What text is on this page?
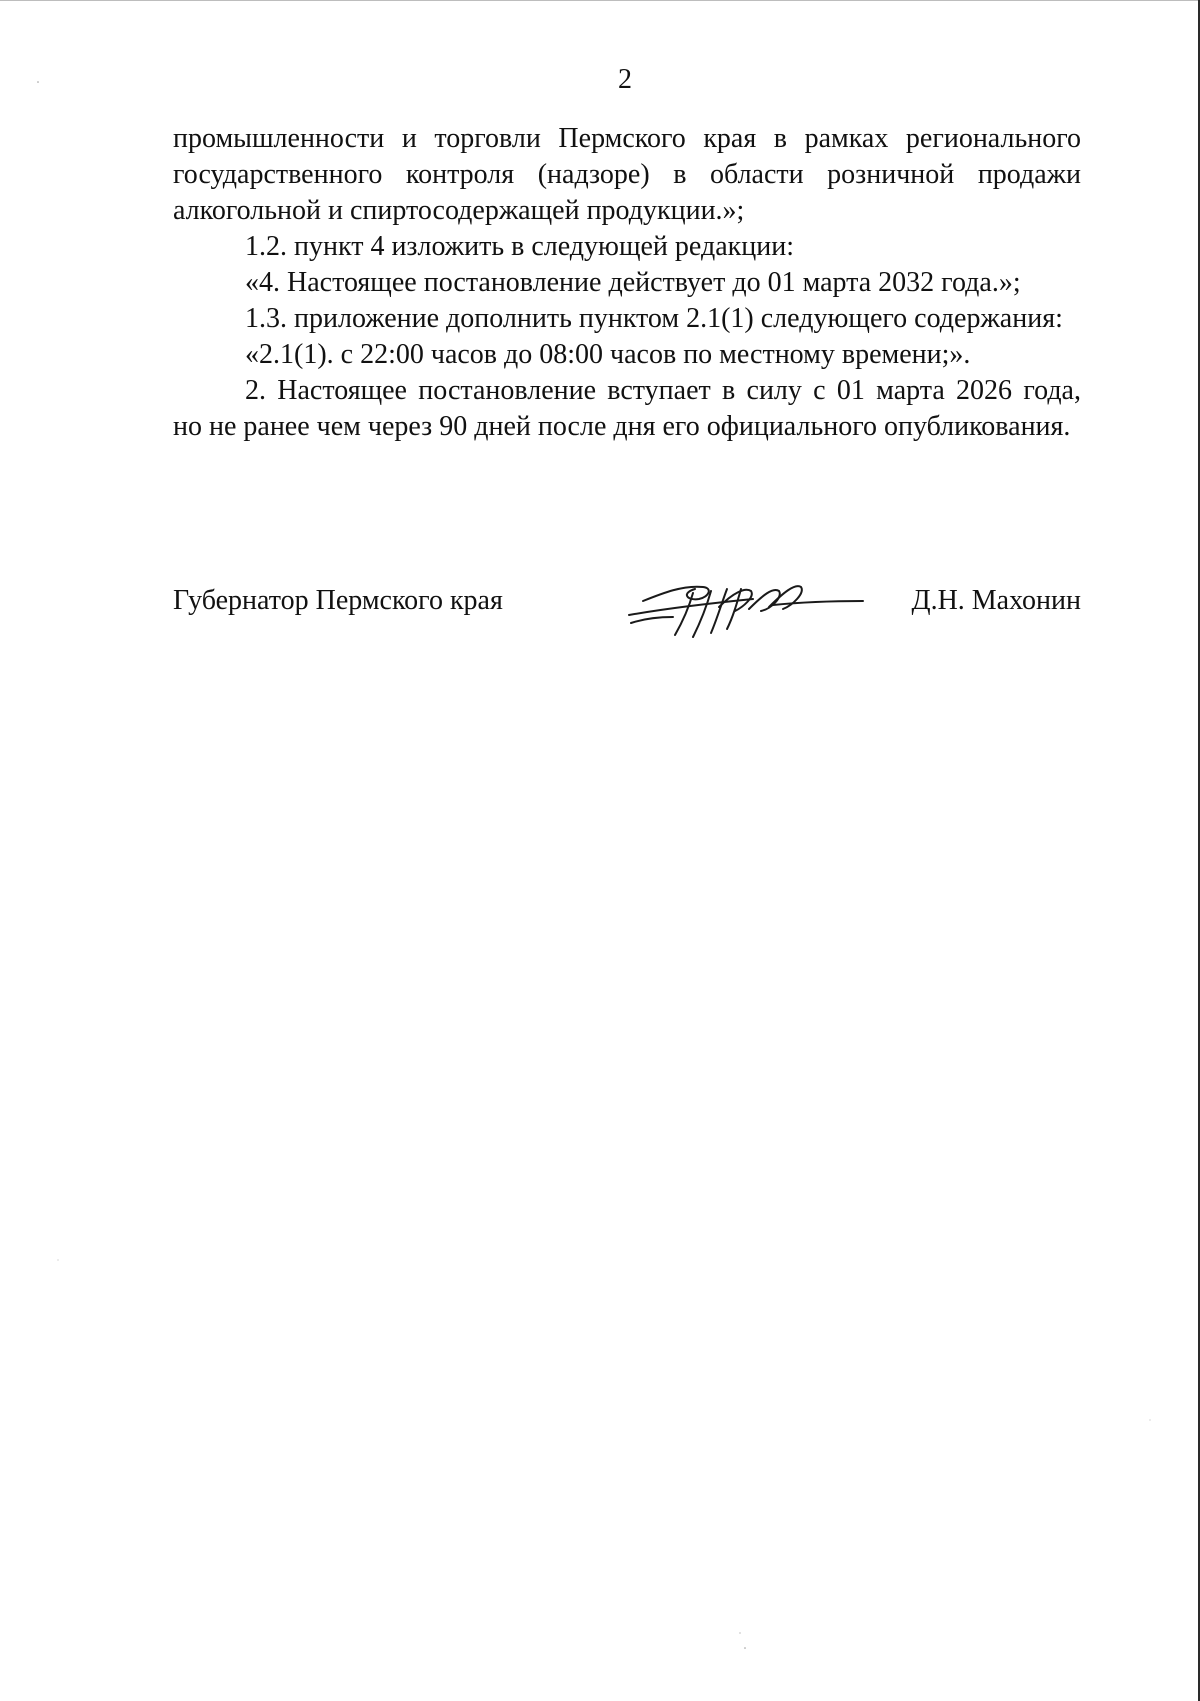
2

промышленности и торговли Пермского края в рамках регионального
государственного контроля (надзоре) в области розничной продажи
алкогольной и спиртосодержащей продукции.»;

1.2. пункт 4 изложить в следующей редакции:

«4. Настоящее постановление действует до 01 марта 2032 года.»;

1.3. приложение дополнить пунктом 2.1(1) следующего содержания:

«2.1(1). с 22:00 часов до 08:00 часов по местному времени;».

2. Настоящее постановление вступает в силу с 01 марта 2026 года,
но не ранее чем через 90 дней после дня его официального опубликования.

Губернатор Пермского края	Д.Н. Махонин
